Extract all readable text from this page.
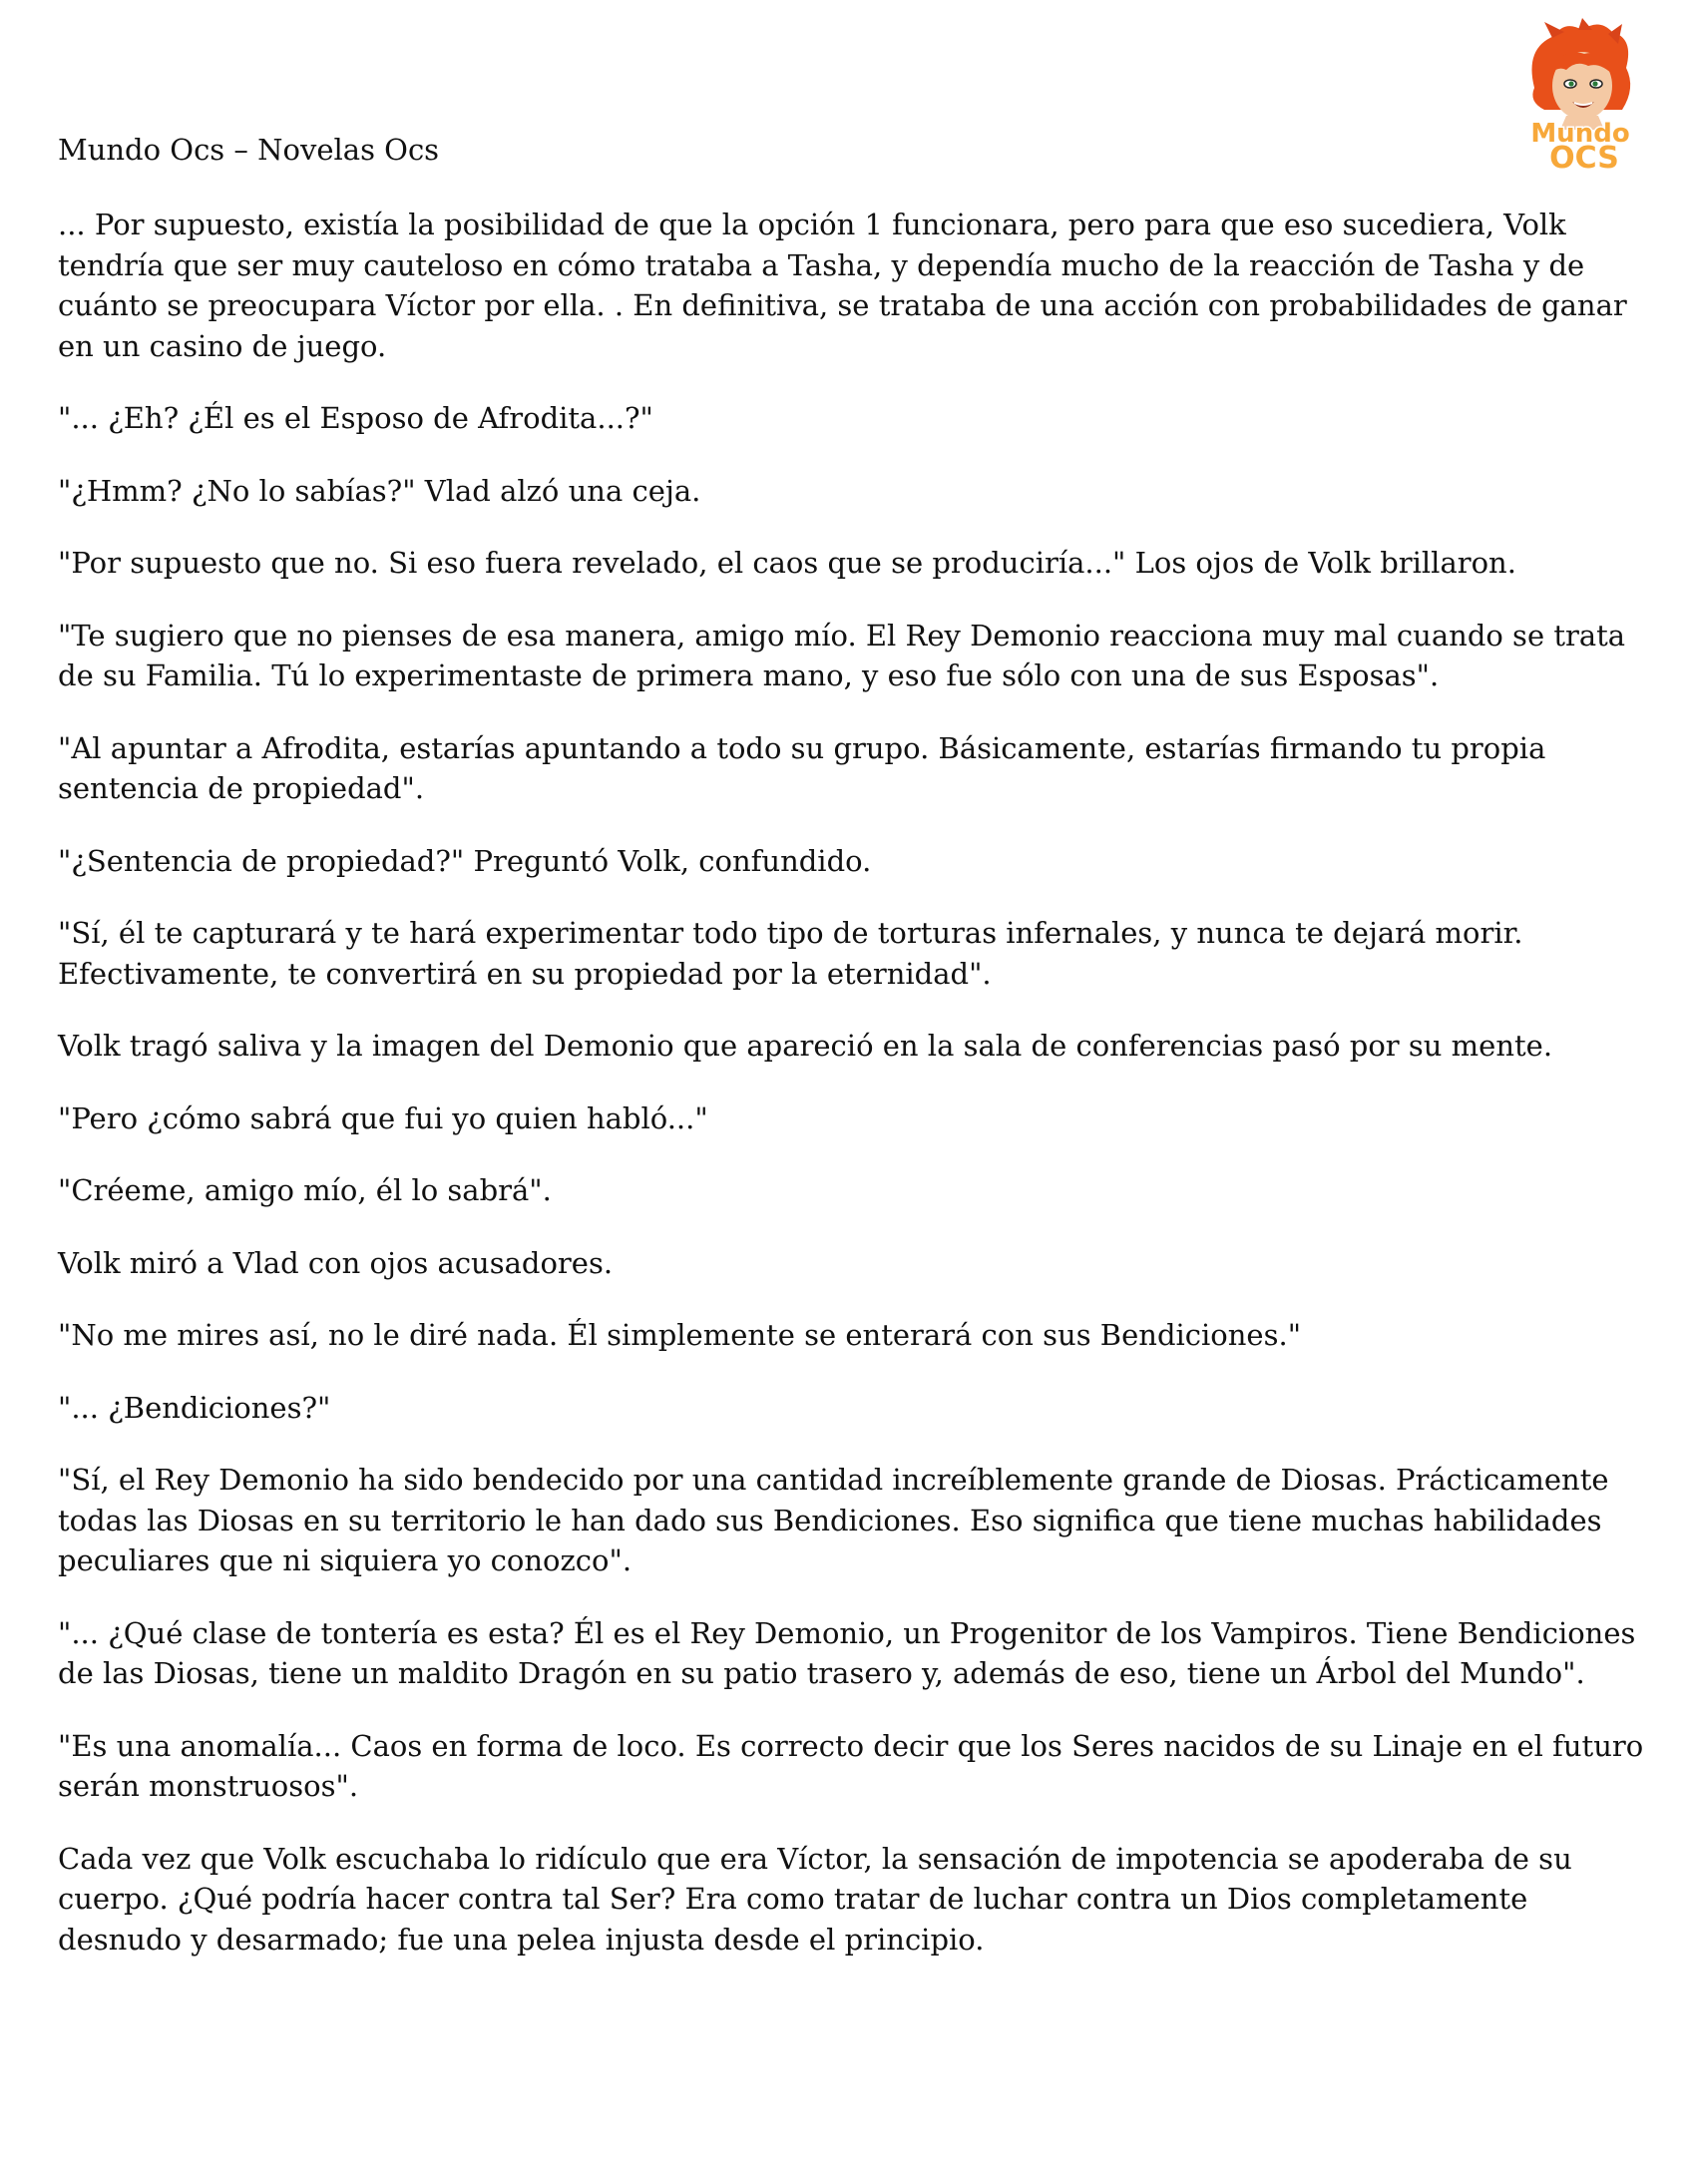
Mundo Ocs – Novelas Ocs	Mundo
OCS

... Por supuesto, existía la posibilidad de que la opción 1 funcionara, pero para que eso sucediera, Volk tendría que ser muy cauteloso en cómo trataba a Tasha, y dependía mucho de la reacción de Tasha y de cuánto se preocupara Víctor por ella. . En definitiva, se trataba de una acción con probabilidades de ganar en un casino de juego.

"... ¿Eh? ¿Él es el Esposo de Afrodita...?"

"¿Hmm? ¿No lo sabías?" Vlad alzó una ceja.

"Por supuesto que no. Si eso fuera revelado, el caos que se produciría..." Los ojos de Volk brillaron.

"Te sugiero que no pienses de esa manera, amigo mío. El Rey Demonio reacciona muy mal cuando se trata de su Familia. Tú lo experimentaste de primera mano, y eso fue sólo con una de sus Esposas".

"Al apuntar a Afrodita, estarías apuntando a todo su grupo. Básicamente, estarías firmando tu propia sentencia de propiedad".

"¿Sentencia de propiedad?" Preguntó Volk, confundido.

"Sí, él te capturará y te hará experimentar todo tipo de torturas infernales, y nunca te dejará morir. Efectivamente, te convertirá en su propiedad por la eternidad".

Volk tragó saliva y la imagen del Demonio que apareció en la sala de conferencias pasó por su mente.

"Pero ¿cómo sabrá que fui yo quien habló..."

"Créeme, amigo mío, él lo sabrá".

Volk miró a Vlad con ojos acusadores.

"No me mires así, no le diré nada. Él simplemente se enterará con sus Bendiciones."

"... ¿Bendiciones?"

"Sí, el Rey Demonio ha sido bendecido por una cantidad increíblemente grande de Diosas. Prácticamente todas las Diosas en su territorio le han dado sus Bendiciones. Eso significa que tiene muchas habilidades peculiares que ni siquiera yo conozco".

"... ¿Qué clase de tontería es esta? Él es el Rey Demonio, un Progenitor de los Vampiros. Tiene Bendiciones de las Diosas, tiene un maldito Dragón en su patio trasero y, además de eso, tiene un Árbol del Mundo".

"Es una anomalía... Caos en forma de loco. Es correcto decir que los Seres nacidos de su Linaje en el futuro serán monstruosos".

Cada vez que Volk escuchaba lo ridículo que era Víctor, la sensación de impotencia se apoderaba de su cuerpo. ¿Qué podría hacer contra tal Ser? Era como tratar de luchar contra un Dios completamente desnudo y desarmado; fue una pelea injusta desde el principio.
